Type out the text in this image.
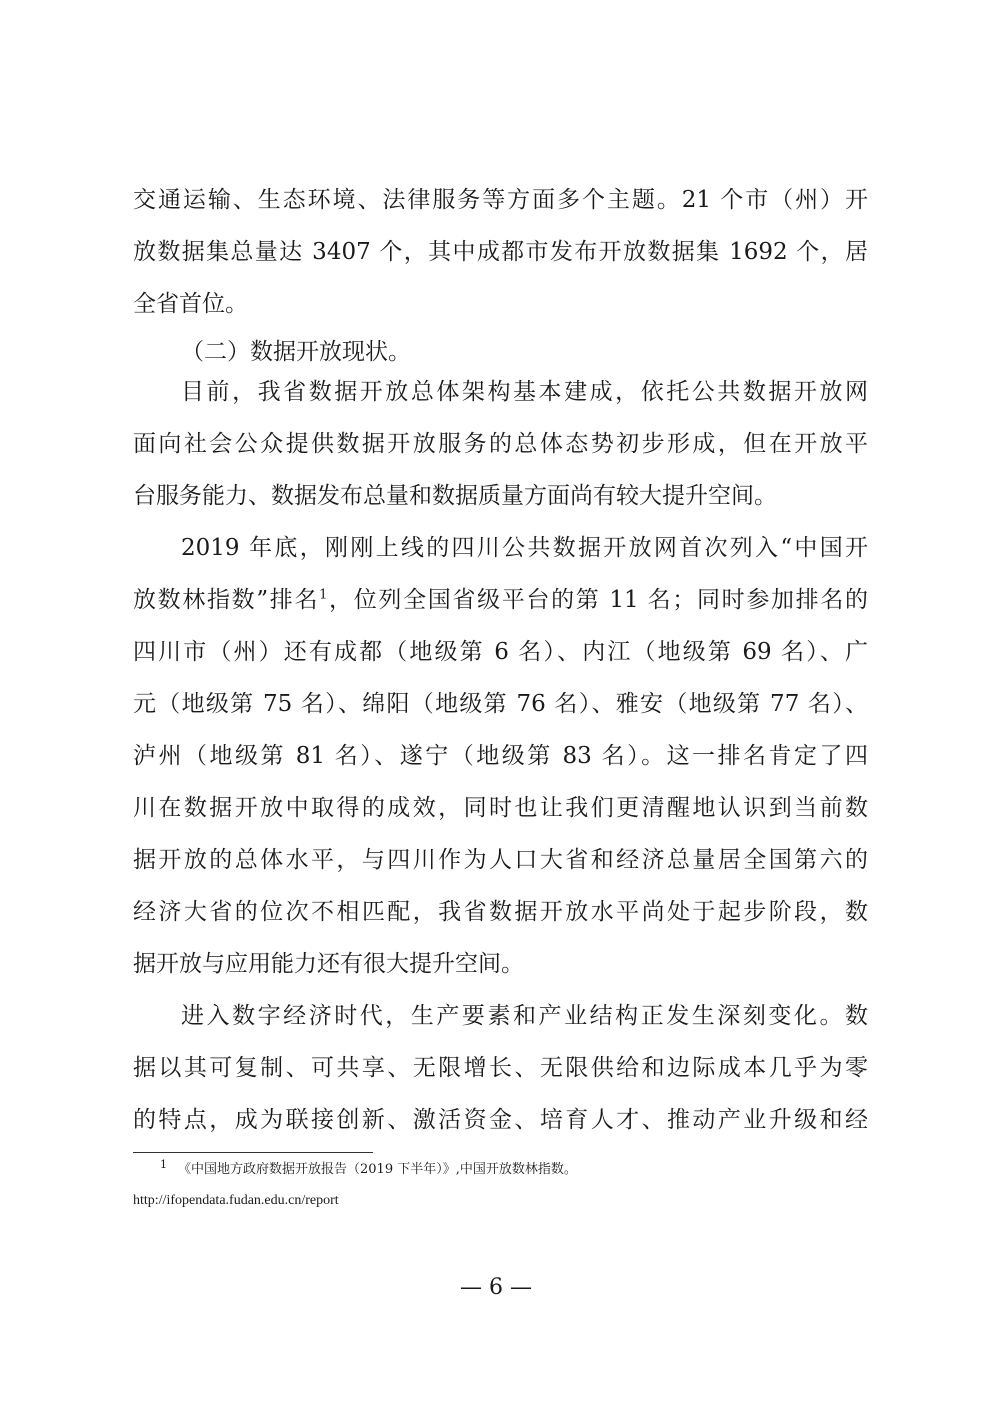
交通运输、生态环境、法律服务等方面多个主题。21 个市（州）开
放数据集总量达 3407 个，其中成都市发布开放数据集 1692 个，居
全省首位。
（二）数据开放现状。
目前，我省数据开放总体架构基本建成，依托公共数据开放网
面向社会公众提供数据开放服务的总体态势初步形成，但在开放平
台服务能力、数据发布总量和数据质量方面尚有较大提升空间。
2019 年底，刚刚上线的四川公共数据开放网首次列入“中国开
放数林指数”排名$^1$，位列全国省级平台的第 11 名；同时参加排名的
四川市（州）还有成都（地级第 6 名）、内江（地级第 69 名）、广
元（地级第 75 名）、绵阳（地级第 76 名）、雅安（地级第 77 名）、
泸州（地级第 81 名）、遂宁（地级第 83 名）。这一排名肯定了四
川在数据开放中取得的成效，同时也让我们更清醒地认识到当前数
据开放的总体水平，与四川作为人口大省和经济总量居全国第六的
经济大省的位次不相匹配，我省数据开放水平尚处于起步阶段，数
据开放与应用能力还有很大提升空间。
进入数字经济时代，生产要素和产业结构正发生深刻变化。数
据以其可复制、可共享、无限增长、无限供给和边际成本几乎为零
的特点，成为联接创新、激活资金、培育人才、推动产业升级和经
1 《中国地方政府数据开放报告（2019 下半年）》,中国开放数林指数。
http://ifopendata.fudan.edu.cn/report
— 6 —
